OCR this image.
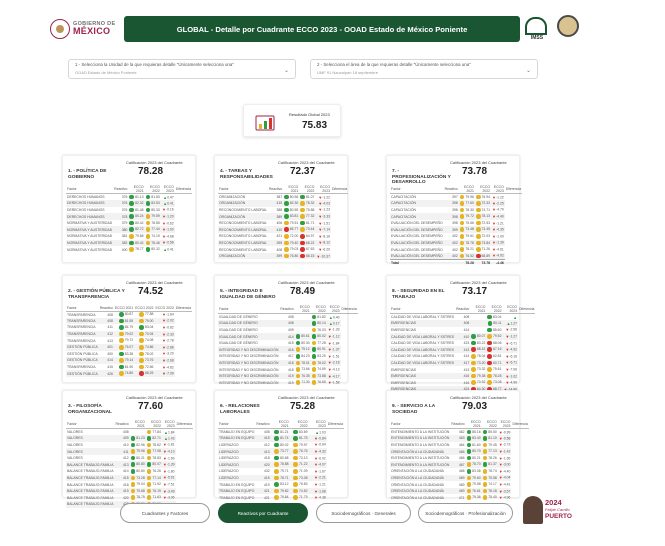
GOBIERNO DE
MÉXICO	GLOBAL - Detalle por Cuadrante ECCO 2023 - OOAD Estado de México Poniente
IMSS
1 - Selecciona la Unidad de la que requieras detalle "Únicamente selecciona una"
OOAD Estado de México Poniente	⌄
2 - Selecciona el área de la que requieras detalle "Únicamente selecciona una"
UMF 91 Naucalpan 18 septiembre	⌄
Resultado Global 2023
75.83
1. - POLÍTICA DE GOBIERNO
Calificación 2023 del Cuadrante
78.28
Factor	Reactivo	ECCO 2021	ECCO 2022	ECCO 2023	Diferencia
DERECHOS HUMANOS	376	81.13	81.83	▲0.47	
DERECHOS HUMANOS	376	82.32	83.53	▲0.41	
DERECHOS HUMANOS	376	81.48	80.33	▼-0.16	
DERECHOS HUMANOS	378	80.24	79.59	▼-1.20	
NORMATIVA Y AUSTERIDAD	379	80.42	78.85	▼-0.62	
NORMATIVA Y AUSTERIDAD	380	82.72	77.44	▼-1.00	
NORMATIVA Y AUSTERIDAD	381	79.68	74.19	▼-4.68	
NORMATIVA Y AUSTERIDAD	382	80.42	78.46	▼-0.58	
NORMATIVA Y AUSTERIDAD	400	78.77	80.32	▲0.41	
4. - TAREAS Y RESPONSABILIDADES
Calificación 2023 del Cuadrante
72.37
Factor	Reactivo	ECCO 2021	ECCO 2022	ECCO 2023	Diferencia
ORGANIZACIÓN	387	80.56	81.07	▼-1.22	
ORGANIZACIÓN	415	82.30	78.32	▼-4.03	
RECONOCIMIENTO LABORAL	388	80.55	75.88	▼-1.23	
ORGANIZACIÓN	389	83.81	77.32	▼-3.33	
RECONOCIMIENTO LABORAL	406	79.51	81.71	▼-1.51	
RECONOCIMIENTO LABORAL	410	65.77	73.44	▼-7.14	
RECONOCIMIENTO LABORAL	421	72.00	64.97	▼-8.16	
RECONOCIMIENTO LABORAL	395	79.40	68.22	▼-8.12	
RECONOCIMIENTO LABORAL	408	79.03	67.63	▼-6.20	
ORGANIZACIÓN	399	76.80	68.15	▼-10.37	
7. - PROFESIONALIZACIÓN Y DESARROLLO
Calificación 2023 del Cuadrante
73.78
Factor	Reactivo	ECCO 2021	ECCO 2022	ECCO 2023	Diferencia
CAPACITACIÓN	397	79.96	76.94	▼-1.22	
CAPACITACIÓN	398	77.60	72.33	▼-2.25	
CAPACITACIÓN	398	78.30	74.71	▼-4.70	
CAPACITACIÓN	398	79.72	78.13	▼-4.40	
EVALUACIÓN DEL DESEMPEÑO	398	75.66	72.53	▼-1.21	
EVALUACIÓN DEL DESEMPEÑO	399	73.48	73.45	▼-4.35	
EVALUACIÓN DEL DESEMPEÑO	402	79.51	72.03	▼-1.00	
EVALUACIÓN DEL DESEMPEÑO	402	78.78	73.84	▼-1.39	
EVALUACIÓN DEL DESEMPEÑO	402	78.21	71.26	▼-4.61	
EVALUACIÓN DEL DESEMPEÑO	402	76.52	68.89	▼-4.92	
Total		78.28	73.78	-4.46	
2. - GESTIÓN PÚBLICA Y TRANSPARENCIA
Calificación 2023 del Cuadrante
74.52
Factor	Reactivo	ECCO 2021	ECCO 2022	ECCO 2023	Diferencia
TRANSPARENCIA	408	80.87	77.88	▼-1.64	
TRANSPARENCIA	408	81.55	79.00	▼-2.02	
TRANSPARENCIA	411	84.79	83.04	▼-0.82	
TRANSPARENCIA	412	79.02	70.94	▼-2.33	
TRANSPARENCIA	413	79.72	74.08	▼-2.78	
GESTIÓN PÚBLICA	401	76.07	74.86	▼-2.86	
GESTIÓN PÚBLICA	400	83.38	78.02	▼-3.20	
GESTIÓN PÚBLICA	414	79.14	73.76	▼-2.68	
TRANSPARENCIA	415	81.90	72.56	▼-4.82	
GESTIÓN PÚBLICA	426	74.80	68.25	▼-7.09	
5. - INTEGRIDAD E IGUALDAD DE GÉNERO
Calificación 2023 del Cuadrante
78.49
Factor	Reactivo	ECCO 2021	ECCO 2022	ECCO 2023	Diferencia
IGUALDAD DE GÉNERO	408		81.82	▲0.40	
IGUALDAD DE GÉNERO	408		80.14	▲0.17	
IGUALDAD DE GÉNERO	409		76.03	▼-1.33	
IGUALDAD DE GÉNERO	414	80.61	80.02	▼-1.12	
IGUALDAD DE GÉNERO	415	80.30	77.28	▼-1.84	
INTEGRIDAD Y NO DISCRIMINACIÓN	416	79.12	80.91	▼-1.37	
INTEGRIDAD Y NO DISCRIMINACIÓN	417	84.23	83.20	▼-1.51	
INTEGRIDAD Y NO DISCRIMINACIÓN	418	78.01	78.02	▼-2.18	
INTEGRIDAD Y NO DISCRIMINACIÓN	418	73.66	74.69	▼-4.13	
INTEGRIDAD Y NO DISCRIMINACIÓN	419	76.35	73.88	▼-4.17	
INTEGRIDAD Y NO DISCRIMINACIÓN	419	71.30	76.65	▼-1.58	
8. - SEGURIDAD EN EL TRABAJO
Calificación 2023 del Cuadrante
73.17
Factor	Reactivo	ECCO 2021	ECCO 2022	ECCO 2023	Diferencia
CALIDAD DE VIDA LABORAL Y SSTRES	408		83.04	▲	
EMERGENCIAS	408		80.11	▲1.27	
EMERGENCIAS	414		85.60	▼-2.56	
CALIDAD DE VIDA LABORAL Y SSTRES	410	80.07	79.52	▼-1.27	
CALIDAD DE VIDA LABORAL Y SSTRES	423	83.22	68.06	▼-6.71	
CALIDAD DE VIDA LABORAL Y SSTRES	413	68.42	67.16	▼-4.92	
CALIDAD DE VIDA LABORAL Y SSTRES	414	78.04	62.81	▼-6.16	
CALIDAD DE VIDA LABORAL Y SSTRES	417	73.20	60.71	▼-6.71	
EMERGENCIAS	413	73.32	75.61	▼-7.06	
EMERGENCIAS	416	79.38	78.28	▼-1.02	
EMERGENCIAS	416	70.92	73.08	▼-4.99	

3. - FILOSOFÍA ORGANIZACIONAL
Calificación 2023 del Cuadrante
77.60
Factor	Reactivo	ECCO 2021	ECCO 2022	ECCO 2023	Diferencia
VALORES	408		77.84	▲1.84	
VALORES	409	81.23	82.71	▲1.43	
VALORES	410	82.96	78.82	▼-1.81	
VALORES	411	79.96	77.08	▼-4.13	
VALORES	412	80.21	78.83	▼-1.69	
BALANCE TRABAJO-FAMILIA	413	80.80	80.07	▼-1.39	
BALANCE TRABAJO-FAMILIA	414	80.80	76.26	▼-1.80	
BALANCE TRABAJO-FAMILIA	415	73.28	77.14	▼-5.91	
BALANCE TRABAJO-FAMILIA	418	79.04	71.52	▼-7.51	
BALANCE TRABAJO-FAMILIA	419	79.68	76.19	▼-3.49	
BALANCE TRABAJO-FAMILIA	420	78.79	71.63	▼-3.06	
BALANCE TRABAJO-FAMILIA				
6. - RELACIONES LABORALES
Calificación 2023 del Cuadrante
75.28
Factor	Reactivo	ECCO 2021	ECCO 2022	ECCO 2023	Diferencia
TRABAJO EN EQUIPO	408	81.21	83.69	▲1.03	
TRABAJO EN EQUIPO	415	81.74	81.75	▼-0.84	
LIDERAZGO	412	80.02	79.97	▼-0.64	
LIDERAZGO	413	73.77	76.76	▼-4.32	
LIDERAZGO	418	80.68	73.13	▼-6.02	
LIDERAZGO	420	78.88	71.22	▼-4.07	
LIDERAZGO	432	79.71	71.09	▼-1.67	
LIDERAZGO	415	78.71	73.08	▼-2.21	
TRABAJO EN EQUIPO	419	83.12	76.83	▼-1.21	
TRABAJO EN EQUIPO	421	79.82	74.52	▼-1.68	
TRABAJO EN EQUIPO	421	79.84	71.79	▼-4.38	
9. - SERVICIO A LA SOCIEDAD
Calificación 2023 del Cuadrante
79.03
Factor	Reactivo	ECCO 2021	ECCO 2022	ECCO 2023	Diferencia
ENTENDIMIENTO A LA INSTITUCIÓN	462	85.16	85.50	▼-0.99	
ENTENDIMIENTO A LA INSTITUCIÓN	463	83.40	81.10	▼-0.58	
ENTENDIMIENTO A LA INSTITUCIÓN	464	81.60	79.45	▼-2.73	
ORIENTACIÓN A LA CIUDADANÍA	466	80.70	77.13	▼-1.42	
ENTENDIMIENTO A LA INSTITUCIÓN	466	80.21	78.26	▼-1.65	
ENTENDIMIENTO A LA INSTITUCIÓN	467	78.70	81.37	▼-3.00	
ORIENTACIÓN A LA CIUDADANÍA	468	83.06	78.74	▼-4.40	
ORIENTACIÓN A LA CIUDADANÍA	469	79.60	75.58	▼-4.04	
ORIENTACIÓN A LA CIUDADANÍA	469	79.58	74.17	▼-4.41	
ORIENTACIÓN A LA CIUDADANÍA	469	76.61	78.18	▼-3.57	
ORIENTACIÓN A LA CIUDADANÍA	471	79.36	75.40	▼-4.96	
Cuadrantes y Factores	Reactivos por Cuadrante	Sociodemográficos · Generales	Sociodemográficos · Profesionalización
2024
Felipe Carrillo
PUERTO
